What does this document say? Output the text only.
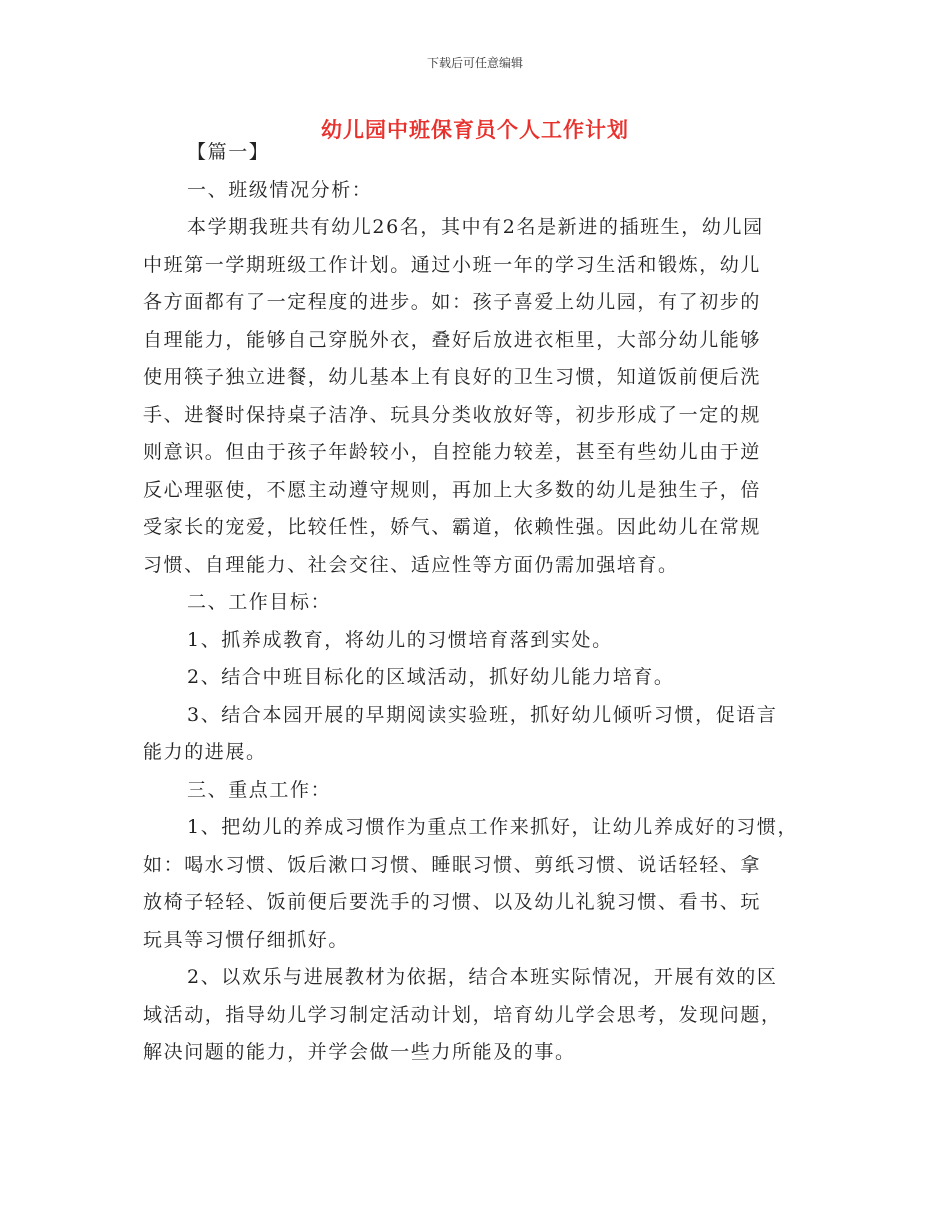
下载后可任意编辑
幼儿园中班保育员个人工作计划
【篇一】
一、班级情况分析：
本学期我班共有幼儿26名，其中有2名是新进的插班生，幼儿园
中班第一学期班级工作计划。通过小班一年的学习生活和锻炼，幼儿
各方面都有了一定程度的进步。如：孩子喜爱上幼儿园，有了初步的
自理能力，能够自己穿脱外衣，叠好后放进衣柜里，大部分幼儿能够
使用筷子独立进餐，幼儿基本上有良好的卫生习惯，知道饭前便后洗
手、进餐时保持桌子洁净、玩具分类收放好等，初步形成了一定的规
则意识。但由于孩子年龄较小，自控能力较差，甚至有些幼儿由于逆
反心理驱使，不愿主动遵守规则，再加上大多数的幼儿是独生子，倍
受家长的宠爱，比较任性，娇气、霸道，依赖性强。因此幼儿在常规
习惯、自理能力、社会交往、适应性等方面仍需加强培育。
二、工作目标：
1、抓养成教育，将幼儿的习惯培育落到实处。
2、结合中班目标化的区域活动，抓好幼儿能力培育。
3、结合本园开展的早期阅读实验班，抓好幼儿倾听习惯，促语言
能力的进展。
三、重点工作：
1、把幼儿的养成习惯作为重点工作来抓好，让幼儿养成好的习惯，
如：喝水习惯、饭后漱口习惯、睡眠习惯、剪纸习惯、说话轻轻、拿
放椅子轻轻、饭前便后要洗手的习惯、以及幼儿礼貌习惯、看书、玩
玩具等习惯仔细抓好。
2、以欢乐与进展教材为依据，结合本班实际情况，开展有效的区
域活动，指导幼儿学习制定活动计划，培育幼儿学会思考，发现问题，
解决问题的能力，并学会做一些力所能及的事。
